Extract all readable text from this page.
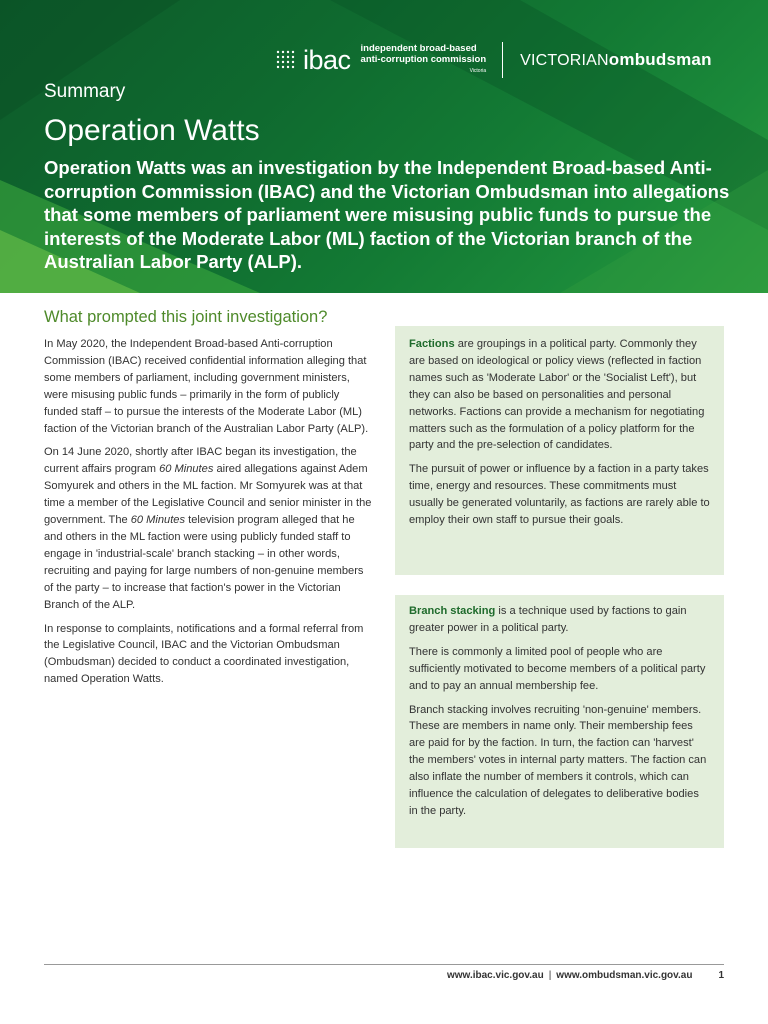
ibac independent broad-based
anti-corruption commission
Victoria
VICTORIANombudsman
Summary
Operation Watts

Operation Watts was an investigation by the Independent Broad-based Anti-corruption Commission (IBAC) and the Victorian Ombudsman into allegations that some members of parliament were misusing public funds to pursue the interests of the Moderate Labor (ML) faction of the Victorian branch of the Australian Labor Party (ALP).

What prompted this joint investigation?

In May 2020, the Independent Broad-based Anti-corruption Commission (IBAC) received confidential information alleging that some members of parliament, including government ministers, were misusing public funds – primarily in the form of publicly funded staff – to pursue the interests of the Moderate Labor (ML) faction of the Victorian branch of the Australian Labor Party (ALP).

On 14 June 2020, shortly after IBAC began its investigation, the current affairs program 60 Minutes aired allegations against Adem Somyurek and others in the ML faction. Mr Somyurek was at that time a member of the Legislative Council and senior minister in the government. The 60 Minutes television program alleged that he and others in the ML faction were using publicly funded staff to engage in 'industrial-scale' branch stacking – in other words, recruiting and paying for large numbers of non-genuine members of the party – to increase that faction's power in the Victorian Branch of the ALP.

In response to complaints, notifications and a formal referral from the Legislative Council, IBAC and the Victorian Ombudsman (Ombudsman) decided to conduct a coordinated investigation, named Operation Watts.

Factions are groupings in a political party. Commonly they are based on ideological or policy views (reflected in faction names such as 'Moderate Labor' or the 'Socialist Left'), but they can also be based on personalities and personal networks. Factions can provide a mechanism for negotiating matters such as the formulation of a policy platform for the party and the pre-selection of candidates.

The pursuit of power or influence by a faction in a party takes time, energy and resources. These commitments must usually be generated voluntarily, as factions are rarely able to employ their own staff to pursue their goals.

Branch stacking is a technique used by factions to gain greater power in a political party.

There is commonly a limited pool of people who are sufficiently motivated to become members of a political party and to pay an annual membership fee.

Branch stacking involves recruiting 'non-genuine' members. These are members in name only. Their membership fees are paid for by the faction. In turn, the faction can 'harvest' the members' votes in internal party matters. The faction can also inflate the number of members it controls, which can influence the calculation of delegates to deliberative bodies in the party.

www.ibac.vic.gov.au | www.ombudsman.vic.gov.au	1
